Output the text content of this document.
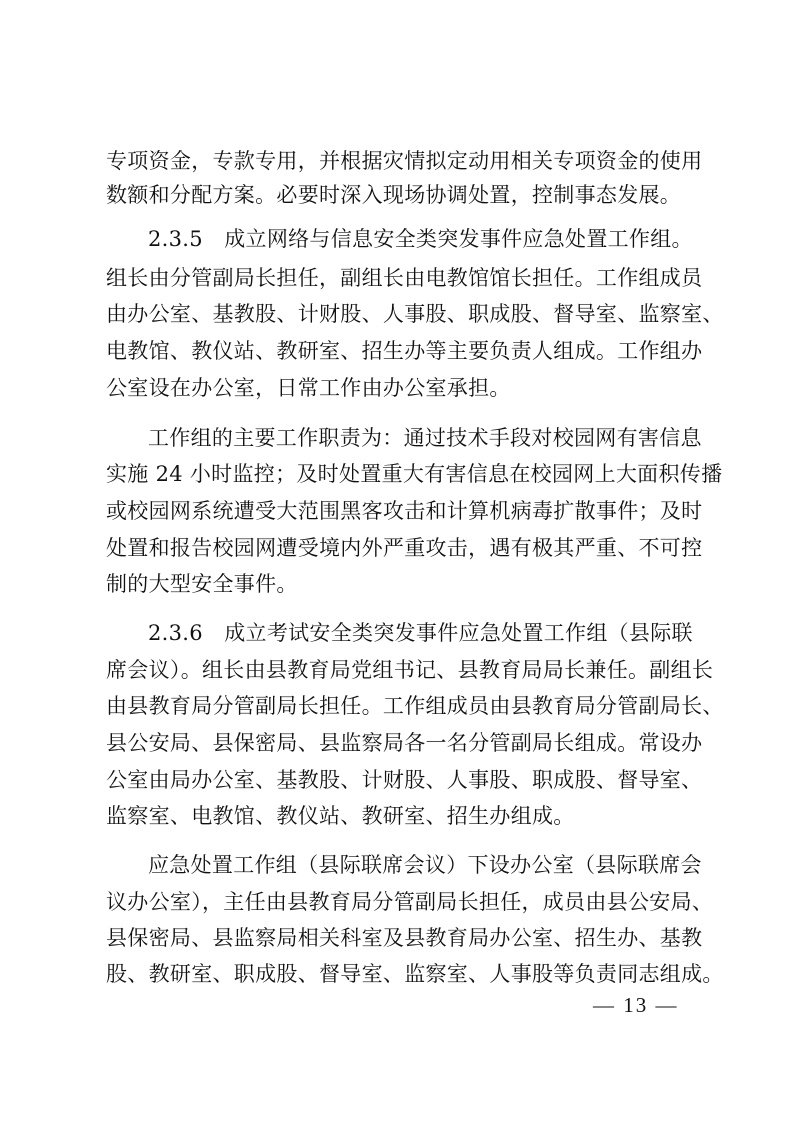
专项资金，专款专用，并根据灾情拟定动用相关专项资金的使用
数额和分配方案。必要时深入现场协调处置，控制事态发展。
2.3.5　成立网络与信息安全类突发事件应急处置工作组。
组长由分管副局长担任，副组长由电教馆馆长担任。工作组成员
由办公室、基教股、计财股、人事股、职成股、督导室、监察室、
电教馆、教仪站、教研室、招生办等主要负责人组成。工作组办
公室设在办公室，日常工作由办公室承担。
工作组的主要工作职责为：通过技术手段对校园网有害信息
实施 24 小时监控；及时处置重大有害信息在校园网上大面积传播
或校园网系统遭受大范围黑客攻击和计算机病毒扩散事件；及时
处置和报告校园网遭受境内外严重攻击，遇有极其严重、不可控
制的大型安全事件。
2.3.6　成立考试安全类突发事件应急处置工作组（县际联
席会议）。组长由县教育局党组书记、县教育局局长兼任。副组长
由县教育局分管副局长担任。工作组成员由县教育局分管副局长、
县公安局、县保密局、县监察局各一名分管副局长组成。常设办
公室由局办公室、基教股、计财股、人事股、职成股、督导室、
监察室、电教馆、教仪站、教研室、招生办组成。
应急处置工作组（县际联席会议）下设办公室（县际联席会
议办公室），主任由县教育局分管副局长担任，成员由县公安局、
县保密局、县监察局相关科室及县教育局办公室、招生办、基教
股、教研室、职成股、督导室、监察室、人事股等负责同志组成。
— 13 —
